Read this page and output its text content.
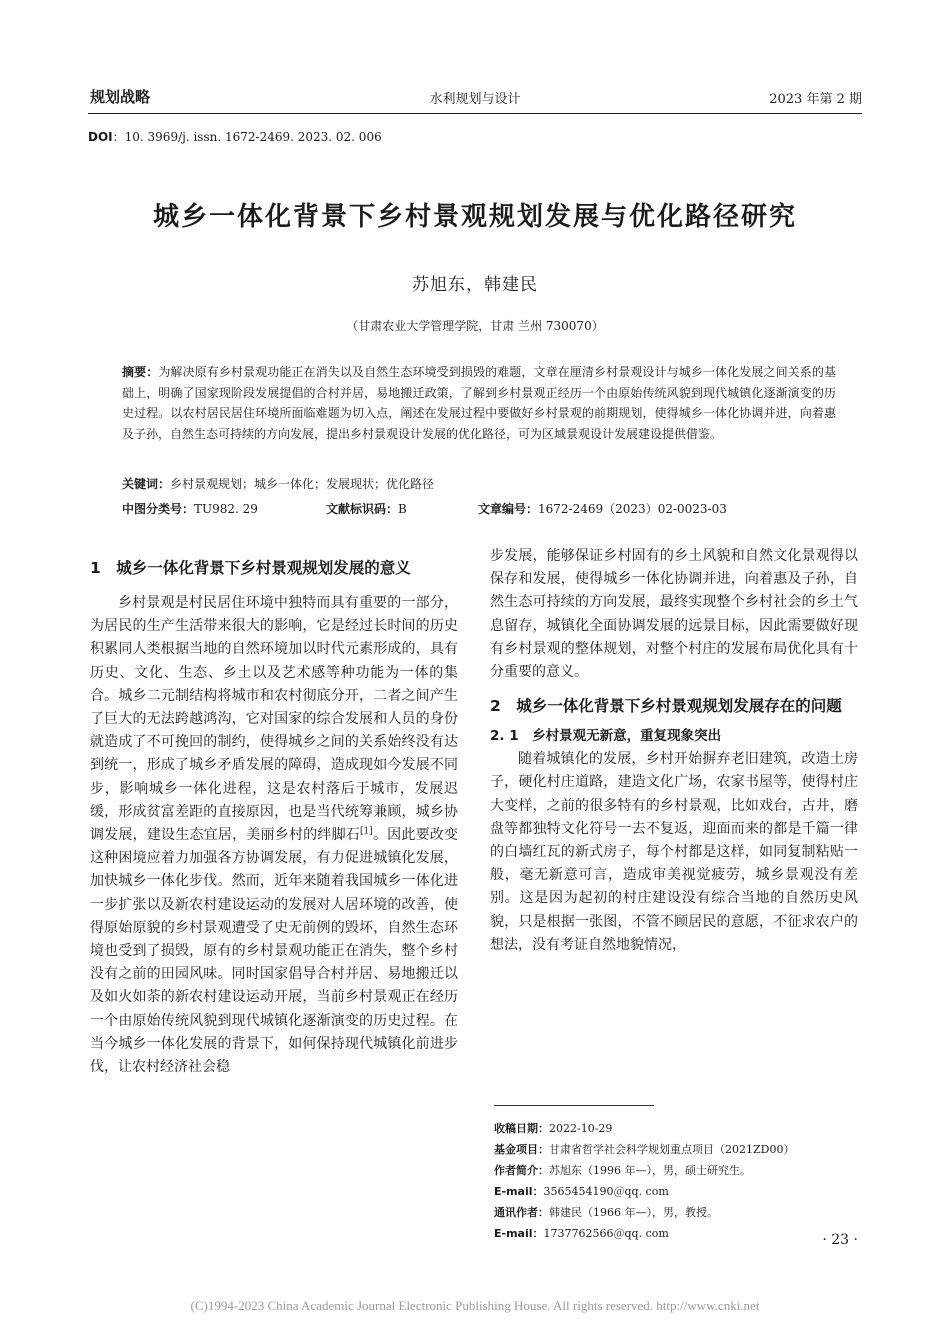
规划战略	水利规划与设计	2023 年第 2 期
DOI：10. 3969/j. issn. 1672-2469. 2023. 02. 006
城乡一体化背景下乡村景观规划发展与优化路径研究
苏旭东，韩建民
（甘肃农业大学管理学院，甘肃 兰州 730070）
摘要：为解决原有乡村景观功能正在消失以及自然生态环境受到损毁的难题，文章在厘清乡村景观设计与城乡一体化发展之间关系的基础上，明确了国家现阶段发展提倡的合村并居，易地搬迁政策，了解到乡村景观正经历一个由原始传统风貌到现代城镇化逐渐演变的历史过程。以农村居民居住环境所面临难题为切入点，阐述在发展过程中要做好乡村景观的前期规划，使得城乡一体化协调并进，向着惠及子孙，自然生态可持续的方向发展，提出乡村景观设计发展的优化路径，可为区域景观设计发展建设提供借鉴。
关键词：乡村景观规划；城乡一体化；发展现状；优化路径
中图分类号：TU982. 29	文献标识码：B	文章编号：1672-2469（2023）02-0023-03

1　城乡一体化背景下乡村景观规划发展的意义

乡村景观是村民居住环境中独特而具有重要的一部分，为居民的生产生活带来很大的影响，它是经过长时间的历史积累同人类根据当地的自然环境加以时代元素形成的，具有历史、文化、生态、乡土以及艺术感等种功能为一体的集合。城乡二元制结构将城市和农村彻底分开，二者之间产生了巨大的无法跨越鸿沟，它对国家的综合发展和人员的身份就造成了不可挽回的制约，使得城乡之间的关系始终没有达到统一，形成了城乡矛盾发展的障碍，造成现如今发展不同步，影响城乡一体化进程，这是农村落后于城市，发展迟缓，形成贫富差距的直接原因，也是当代统筹兼顾，城乡协调发展，建设生态宜居，美丽乡村的绊脚石[1]。因此要改变这种困境应着力加强各方协调发展，有力促进城镇化发展，加快城乡一体化步伐。然而，近年来随着我国城乡一体化进一步扩张以及新农村建设运动的发展对人居环境的改善，使得原始原貌的乡村景观遭受了史无前例的毁坏，自然生态环境也受到了损毁，原有的乡村景观功能正在消失，整个乡村没有之前的田园风味。同时国家倡导合村并居、易地搬迁以及如火如荼的新农村建设运动开展，当前乡村景观正在经历一个由原始传统风貌到现代城镇化逐渐演变的历史过程。在当今城乡一体化发展的背景下，如何保持现代城镇化前进步伐，让农村经济社会稳

步发展，能够保证乡村固有的乡土风貌和自然文化景观得以保存和发展，使得城乡一体化协调并进，向着惠及子孙，自然生态可持续的方向发展，最终实现整个乡村社会的乡土气息留存，城镇化全面协调发展的远景目标，因此需要做好现有乡村景观的整体规划，对整个村庄的发展布局优化具有十分重要的意义。

2　城乡一体化背景下乡村景观规划发展存在的问题

2. 1　乡村景观无新意，重复现象突出

随着城镇化的发展，乡村开始摒弃老旧建筑，改造土房子，硬化村庄道路，建造文化广场，农家书屋等，使得村庄大变样，之前的很多特有的乡村景观，比如戏台，古井，磨盘等都独特文化符号一去不复返，迎面而来的都是千篇一律的白墙红瓦的新式房子，每个村都是这样，如同复制粘贴一般，毫无新意可言，造成审美视觉疲劳，城乡景观没有差别。这是因为起初的村庄建设没有综合当地的自然历史风貌，只是根据一张图，不管不顾居民的意愿，不征求农户的想法，没有考证自然地貌情况，

收稿日期：2022-10-29
基金项目：甘肃省哲学社会科学规划重点项目（2021ZD00）
作者简介：苏旭东（1996 年—），男，硕士研究生。
E-mail：3565454190＠qq. com
通讯作者：韩建民（1966 年—），男，教授。
E-mail：1737762566＠qq. com	· 23 ·
(C)1994-2023 China Academic Journal Electronic Publishing House. All rights reserved. http://www.cnki.net
